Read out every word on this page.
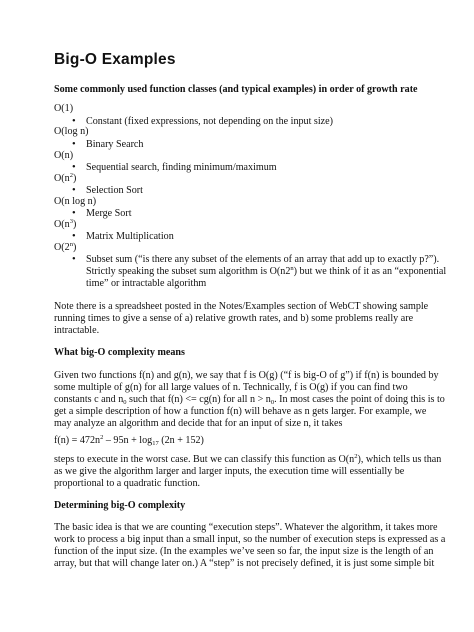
Big-O Examples
Some commonly used function classes (and typical examples) in order of growth rate
O(1)
• Constant (fixed expressions, not depending on the input size)
O(log n)
• Binary Search
O(n)
• Sequential search, finding minimum/maximum
$O(n^2)$
• Selection Sort
O(n log n)
• Merge Sort
$O(n^3)$
• Matrix Multiplication
O(2$^n$)
• Subset sum (“is there any subset of the elements of an array that add up to exactly p?”).
Strictly speaking the subset sum algorithm is O(n2$^n$) but we think of it as an “exponential
time” or intractable algorithm
Note there is a spreadsheet posted in the Notes/Examples section of WebCT showing sample
running times to give a sense of a) relative growth rates, and b) some problems really are
intractable.
What big-O complexity means
Given two functions f(n) and g(n), we say that f is O(g) (“f is big-O of g”) if f(n) is bounded by
some multiple of g(n) for all large values of n. Technically, f is O(g) if you can find two
constants c and $n_0$ such that f(n) <= cg(n) for all $n > n_0$. In most cases the point of doing this is to
get a simple description of how a function f(n) will behave as n gets larger. For example, we
may analyze an algorithm and decide that for an input of size n, it takes
$f(n) = 472n^2 - 95n + \log_{17} (2n + 152)$
steps to execute in the worst case. But we can classify this function as $O(n^2)$, which tells us than
as we give the algorithm larger and larger inputs, the execution time will essentially be
proportional to a quadratic function.
Determining big-O complexity
The basic idea is that we are counting “execution steps”. Whatever the algorithm, it takes more
work to process a big input than a small input, so the number of execution steps is expressed as a
function of the input size. (In the examples we’ve seen so far, the input size is the length of an
array, but that will change later on.) A “step” is not precisely defined, it is just some simple bit
